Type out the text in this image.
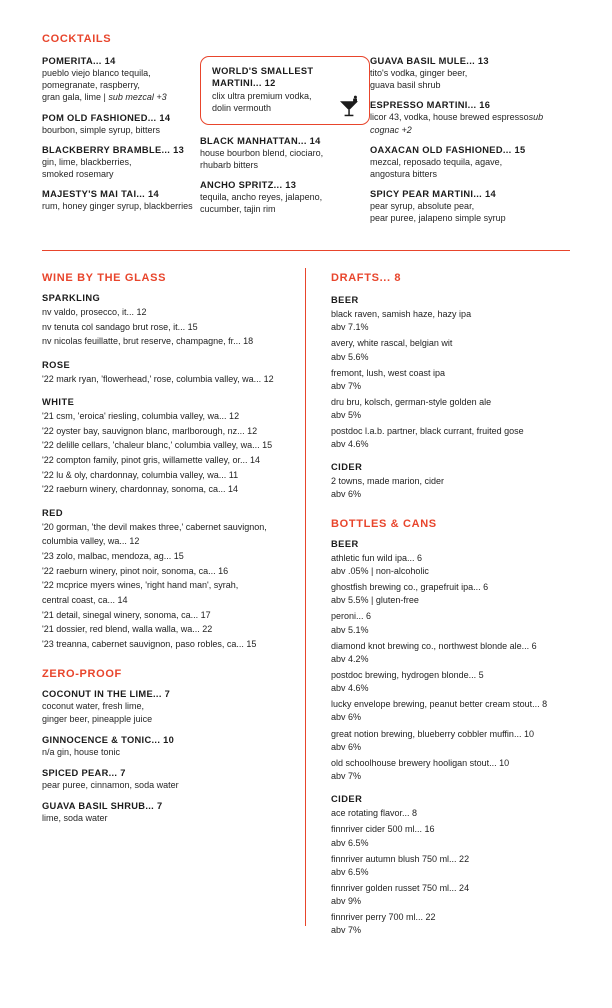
COCKTAILS

POMERITA... 14

pueblo viejo blanco tequila,
pomegranate, raspberry,
gran gala, lime | sub mezcal +3

POM OLD FASHIONED... 14

bourbon, simple syrup, bitters

BLACKBERRY BRAMBLE... 13

gin, lime, blackberries,
smoked rosemary

MAJESTY'S MAI TAI... 14

rum, honey ginger syrup, blackberries

WORLD'S SMALLEST
MARTINI... 12

clix ultra premium vodka,
dolin vermouth

BLACK MANHATTAN... 14

house bourbon blend, ciociaro,
rhubarb bitters

ANCHO SPRITZ... 13

tequila, ancho reyes, jalapeno,
cucumber, tajin rim

GUAVA BASIL MULE... 13

tito's vodka, ginger beer,
guava basil shrub

ESPRESSO MARTINI... 16

licor 43, vodka, house brewed espressosub cognac +2

OAXACAN OLD FASHIONED... 15

mezcal, reposado tequila, agave,
angostura bitters

SPICY PEAR MARTINI... 14

pear syrup, absolute pear,
pear puree, jalapeno simple syrup

WINE BY THE GLASS

SPARKLING

nv valdo, prosecco, it... 12

nv tenuta col sandago brut rose, it... 15

nv nicolas feuillatte, brut reserve, champagne, fr... 18

ROSE

'22 mark ryan, 'flowerhead,' rose, columbia valley, wa... 12

WHITE

'21 csm, 'eroica' riesling, columbia valley, wa... 12

'22 oyster bay, sauvignon blanc, marlborough, nz... 12

'22 delille cellars, 'chaleur blanc,' columbia valley, wa... 15

'22 compton family, pinot gris, willamette valley, or... 14

'22 lu & oly, chardonnay, columbia valley, wa... 11

'22 raeburn winery, chardonnay, sonoma, ca... 14

RED

'20 gorman, 'the devil makes three,' cabernet sauvignon,

columbia valley, wa... 12

'23 zolo, malbac, mendoza, ag... 15

'22 raeburn winery, pinot noir, sonoma, ca... 16

'22 mcprice myers wines, 'right hand man', syrah,

central coast, ca... 14

'21 detail, sinegal winery, sonoma, ca... 17

'21 dossier, red blend, walla walla, wa... 22

'23 treanna, cabernet sauvignon, paso robles, ca... 15

ZERO-PROOF

COCONUT IN THE LIME... 7

coconut water, fresh lime,
ginger beer, pineapple juice

GINNOCENCE & TONIC... 10

n/a gin, house tonic

SPICED PEAR... 7

pear puree, cinnamon, soda water

GUAVA BASIL SHRUB... 7

lime, soda water

DRAFTS... 8

BEER

black raven, samish haze, hazy ipa

abv 7.1%

avery, white rascal, belgian wit

abv 5.6%

fremont, lush, west coast ipa

abv 7%

dru bru, kolsch, german-style golden ale

abv 5%

postdoc l.a.b. partner, black currant, fruited gose

abv 4.6%

CIDER

2 towns, made marion, cider

abv 6%

BOTTLES & CANS

BEER

athletic fun wild ipa... 6

abv .05% | non-alcoholic

ghostfish brewing co., grapefruit ipa... 6

abv 5.5% | gluten-free

peroni... 6

abv 5.1%

diamond knot brewing co., northwest blonde ale... 6

abv 4.2%

postdoc brewing, hydrogen blonde... 5

abv 4.6%

lucky envelope brewing, peanut better cream stout... 8

abv 6%

great notion brewing, blueberry cobbler muffin... 10

abv 6%

old schoolhouse brewery hooligan stout... 10

abv 7%

CIDER

ace rotating flavor... 8

finnriver cider 500 ml... 16

abv 6.5%

finnriver autumn blush 750 ml... 22

abv 6.5%

finnriver golden russet 750 ml... 24

abv 9%

finnriver perry 700 ml... 22

abv 7%
